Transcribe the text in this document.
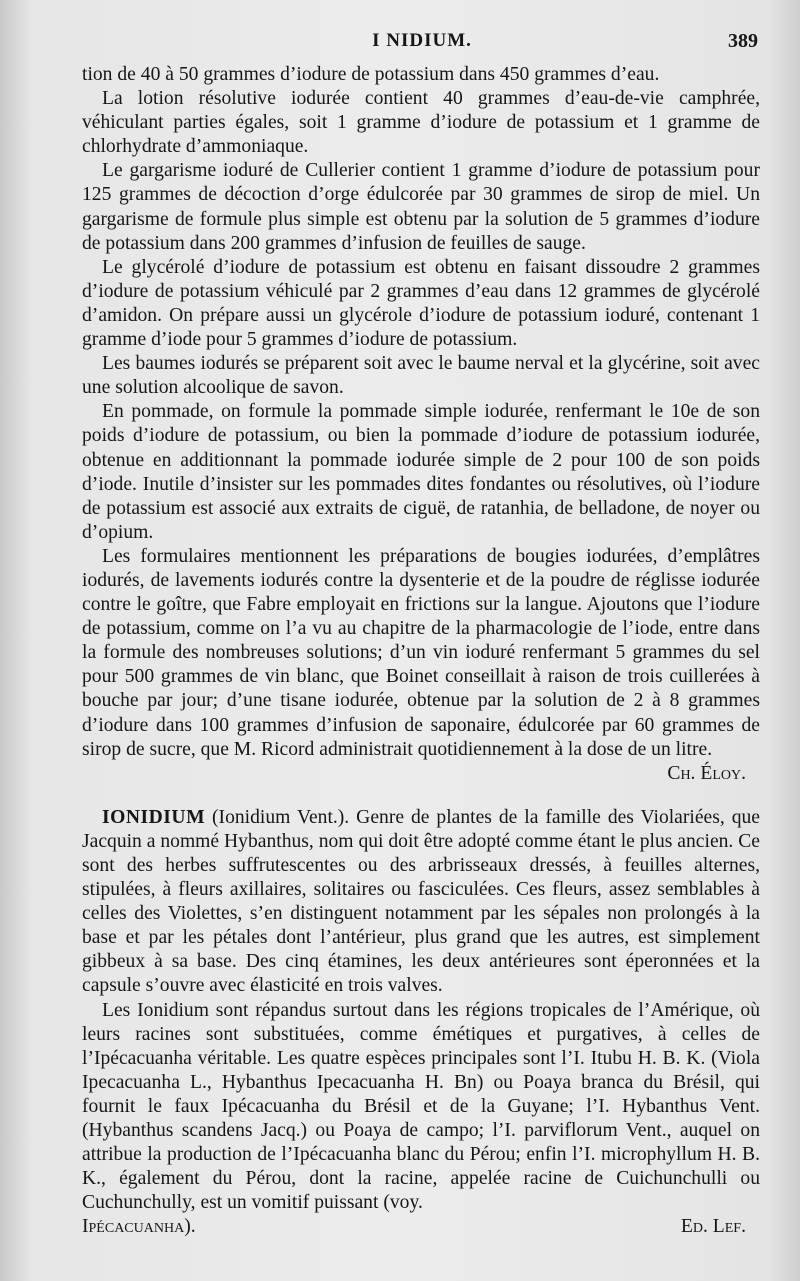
I NIDIUM.	389

tion de 40 à 50 grammes d’iodure de potassium dans 450 grammes d’eau.

La lotion résolutive iodurée contient 40 grammes d’eau-de-vie camphrée, véhiculant parties égales, soit 1 gramme d’iodure de potassium et 1 gramme de chlorhydrate d’ammoniaque.

Le gargarisme ioduré de Cullerier contient 1 gramme d’iodure de potassium pour 125 grammes de décoction d’orge édulcorée par 30 grammes de sirop de miel. Un gargarisme de formule plus simple est obtenu par la solution de 5 grammes d’iodure de potassium dans 200 grammes d’infusion de feuilles de sauge.

Le glycérolé d’iodure de potassium est obtenu en faisant dissoudre 2 grammes d’iodure de potassium véhiculé par 2 grammes d’eau dans 12 grammes de glycérolé d’amidon. On prépare aussi un glycérole d’iodure de potassium ioduré, contenant 1 gramme d’iode pour 5 grammes d’iodure de potassium.

Les baumes iodurés se préparent soit avec le baume nerval et la glycérine, soit avec une solution alcoolique de savon.

En pommade, on formule la pommade simple iodurée, renfermant le 10e de son poids d’iodure de potassium, ou bien la pommade d’iodure de potassium iodurée, obtenue en additionnant la pommade iodurée simple de 2 pour 100 de son poids d’iode. Inutile d’insister sur les pommades dites fondantes ou résolutives, où l’iodure de potassium est associé aux extraits de ciguë, de ratanhia, de belladone, de noyer ou d’opium.

Les formulaires mentionnent les préparations de bougies iodurées, d’emplâtres iodurés, de lavements iodurés contre la dysenterie et de la poudre de réglisse iodurée contre le goître, que Fabre employait en frictions sur la langue. Ajoutons que l’iodure de potassium, comme on l’a vu au chapitre de la pharmacologie de l’iode, entre dans la formule des nombreuses solutions; d’un vin ioduré renfermant 5 grammes du sel pour 500 grammes de vin blanc, que Boinet conseillait à raison de trois cuillerées à bouche par jour; d’une tisane iodurée, obtenue par la solution de 2 à 8 grammes d’iodure dans 100 grammes d’infusion de saponaire, édulcorée par 60 grammes de sirop de sucre, que M. Ricord administrait quotidiennement à la dose de un litre.

Ch. Éloy.

IONIDIUM (Ionidium Vent.). Genre de plantes de la famille des Violariées, que Jacquin a nommé Hybanthus, nom qui doit être adopté comme étant le plus ancien. Ce sont des herbes suffrutescentes ou des arbrisseaux dressés, à feuilles alternes, stipulées, à fleurs axillaires, solitaires ou fasciculées. Ces fleurs, assez semblables à celles des Violettes, s’en distinguent notamment par les sépales non prolongés à la base et par les pétales dont l’antérieur, plus grand que les autres, est simplement gibbeux à sa base. Des cinq étamines, les deux antérieures sont éperonnées et la capsule s’ouvre avec élasticité en trois valves.

Les Ionidium sont répandus surtout dans les régions tropicales de l’Amérique, où leurs racines sont substituées, comme émétiques et purgatives, à celles de l’Ipécacuanha véritable. Les quatre espèces principales sont l’I. Itubu H. B. K. (Viola Ipecacuanha L., Hybanthus Ipecacuanha H. Bn) ou Poaya branca du Brésil, qui fournit le faux Ipécacuanha du Brésil et de la Guyane; l’I. Hybanthus Vent. (Hybanthus scandens Jacq.) ou Poaya de campo; l’I. parviflorum Vent., auquel on attribue la production de l’Ipécacuanha blanc du Pérou; enfin l’I. microphyllum H. B. K., également du Pérou, dont la racine, appelée racine de Cuichunchulli ou Cuchunchully, est un vomitif puissant (voy.

Ipécacuanha).	Ed. Lef.
